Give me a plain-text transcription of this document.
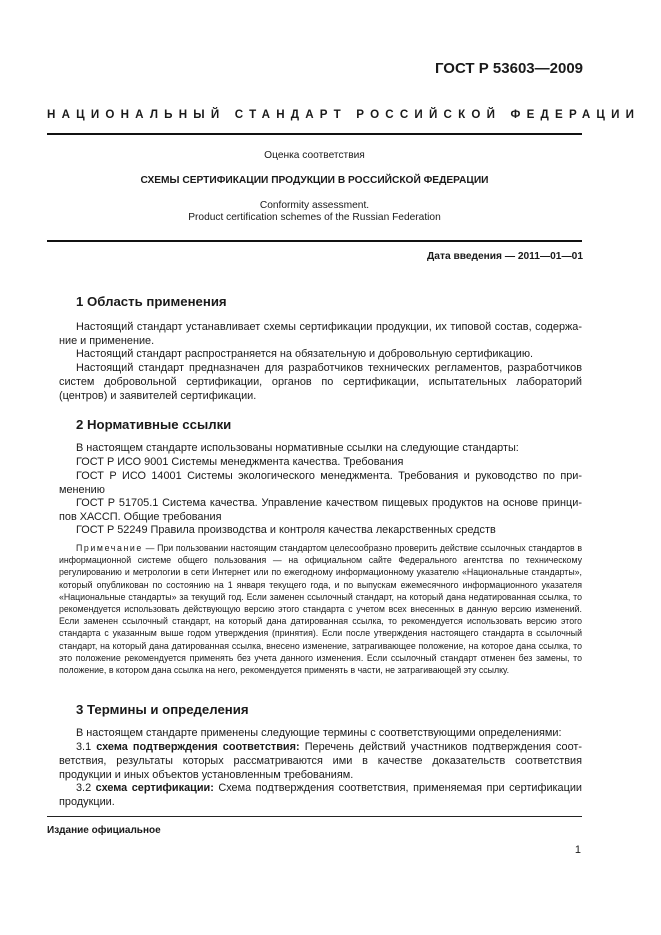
ГОСТ Р 53603—2009
НАЦИОНАЛЬНЫЙ СТАНДАРТ РОССИЙСКОЙ ФЕДЕРАЦИИ
Оценка соответствия
СХЕМЫ СЕРТИФИКАЦИИ ПРОДУКЦИИ В РОССИЙСКОЙ ФЕДЕРАЦИИ
Conformity assessment.
Product certification schemes of the Russian Federation
Дата введения — 2011—01—01
1 Область применения
Настоящий стандарт устанавливает схемы сертификации продукции, их типовой состав, содержа-ние и применение.
Настоящий стандарт распространяется на обязательную и добровольную сертификацию.
Настоящий стандарт предназначен для разработчиков технических регламентов, разработчиков систем добровольной сертификации, органов по сертификации, испытательных лабораторий (центров) и заявителей сертификации.
2 Нормативные ссылки
В настоящем стандарте использованы нормативные ссылки на следующие стандарты:
ГОСТ Р ИСО 9001 Системы менеджмента качества. Требования
ГОСТ Р ИСО 14001 Системы экологического менеджмента. Требования и руководство по при-менению
ГОСТ Р 51705.1 Система качества. Управление качеством пищевых продуктов на основе принци-пов ХАССП. Общие требования
ГОСТ Р 52249 Правила производства и контроля качества лекарственных средств
Примечание — При пользовании настоящим стандартом целесообразно проверить действие ссылочных стандартов в информационной системе общего пользования — на официальном сайте Федерального агентства по техническому регулированию и метрологии в сети Интернет или по ежегодному информационному указателю «Национальные стандарты», который опубликован по состоянию на 1 января текущего года, и по выпускам ежемесячного информационного указателя «Национальные стандарты» за текущий год. Если заменен ссылочный стандарт, на который дана недатированная ссылка, то рекомендуется использовать действующую версию этого стандарта с учетом всех внесенных в данную версию изменений. Если заменен ссылочный стандарт, на который дана датированная ссылка, то рекомендуется использовать версию этого стандарта с указанным выше годом утверждения (принятия). Если после утверждения настоящего стандарта в ссылочный стандарт, на который дана датированная ссылка, внесено изменение, затрагивающее положение, на которое дана ссылка, то это положение рекомендуется применять без учета данного изменения. Если ссылочный стандарт отменен без замены, то положение, в котором дана ссылка на него, рекомендуется применять в части, не затрагивающей эту ссылку.
3 Термины и определения
В настоящем стандарте применены следующие термины с соответствующими определениями:
3.1 схема подтверждения соответствия: Перечень действий участников подтверждения соот-ветствия, результаты которых рассматриваются ими в качестве доказательств соответствия продукции и иных объектов установленным требованиям.
3.2 схема сертификации: Схема подтверждения соответствия, применяемая при сертификации продукции.
Издание официальное
1
